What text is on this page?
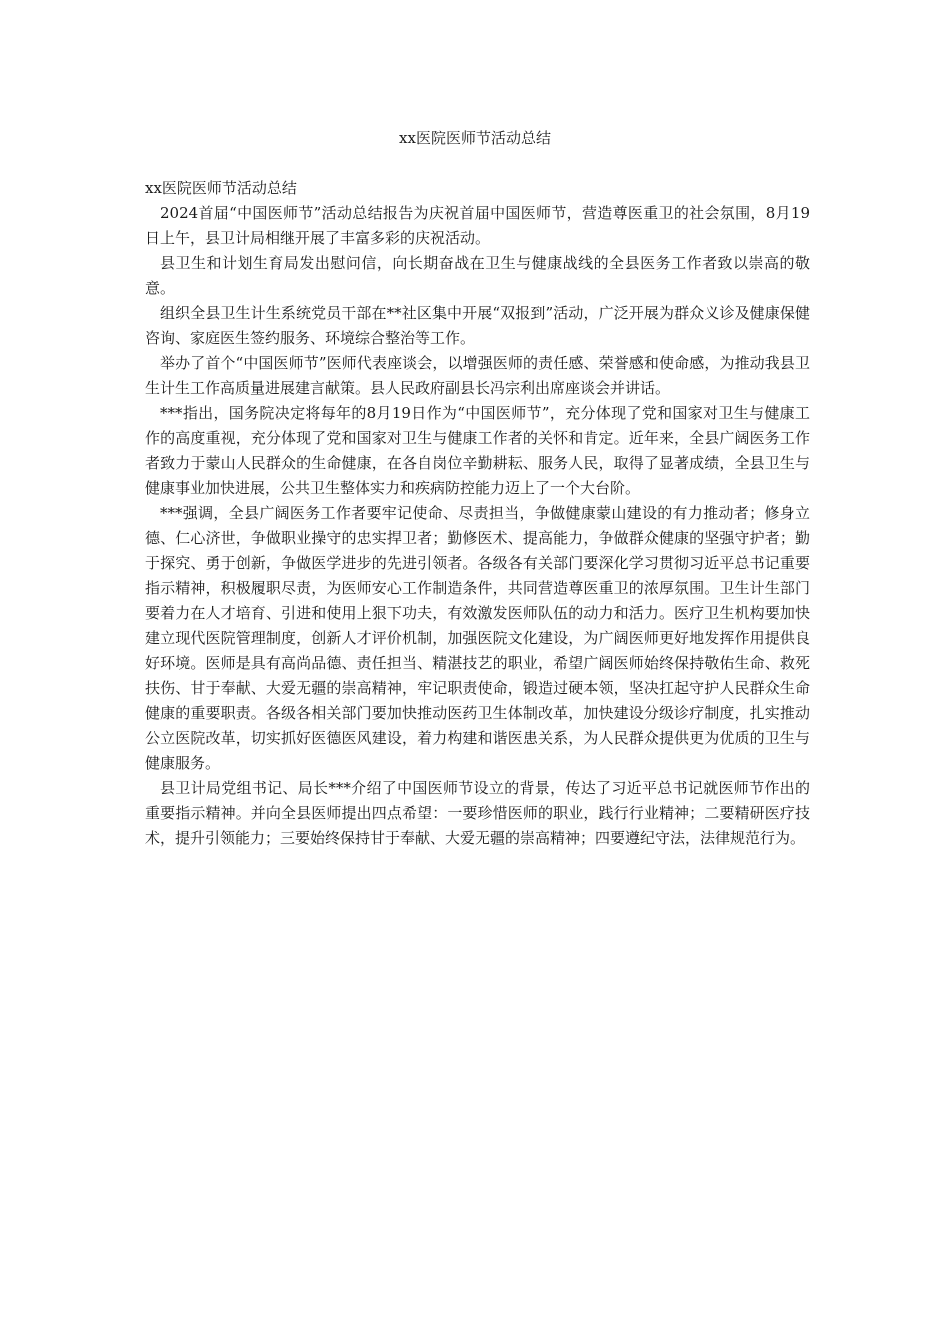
xx医院医师节活动总结

xx医院医师节活动总结

2024首届“中国医师节”活动总结报告为庆祝首届中国医师节，营造尊医重卫的社会氛围，8月19日上午，县卫计局相继开展了丰富多彩的庆祝活动。

县卫生和计划生育局发出慰问信，向长期奋战在卫生与健康战线的全县医务工作者致以崇高的敬意。

组织全县卫生计生系统党员干部在**社区集中开展“双报到”活动，广泛开展为群众义诊及健康保健咨询、家庭医生签约服务、环境综合整治等工作。

举办了首个“中国医师节”医师代表座谈会，以增强医师的责任感、荣誉感和使命感，为推动我县卫生计生工作高质量进展建言献策。县人民政府副县长冯宗利出席座谈会并讲话。

***指出，国务院决定将每年的8月19日作为“中国医师节”，充分体现了党和国家对卫生与健康工作的高度重视，充分体现了党和国家对卫生与健康工作者的关怀和肯定。近年来，全县广阔医务工作者致力于蒙山人民群众的生命健康，在各自岗位辛勤耕耘、服务人民，取得了显著成绩，全县卫生与健康事业加快进展，公共卫生整体实力和疾病防控能力迈上了一个大台阶。

***强调，全县广阔医务工作者要牢记使命、尽责担当，争做健康蒙山建设的有力推动者；修身立德、仁心济世，争做职业操守的忠实捍卫者；勤修医术、提高能力，争做群众健康的坚强守护者；勤于探究、勇于创新，争做医学进步的先进引领者。各级各有关部门要深化学习贯彻习近平总书记重要指示精神，积极履职尽责，为医师安心工作制造条件，共同营造尊医重卫的浓厚氛围。卫生计生部门要着力在人才培育、引进和使用上狠下功夫，有效激发医师队伍的动力和活力。医疗卫生机构要加快建立现代医院管理制度，创新人才评价机制，加强医院文化建设，为广阔医师更好地发挥作用提供良好环境。医师是具有高尚品德、责任担当、精湛技艺的职业，希望广阔医师始终保持敬佑生命、救死扶伤、甘于奉献、大爱无疆的崇高精神，牢记职责使命，锻造过硬本领，坚决扛起守护人民群众生命健康的重要职责。各级各相关部门要加快推动医药卫生体制改革，加快建设分级诊疗制度，扎实推动公立医院改革，切实抓好医德医风建设，着力构建和谐医患关系，为人民群众提供更为优质的卫生与健康服务。

县卫计局党组书记、局长***介绍了中国医师节设立的背景，传达了习近平总书记就医师节作出的重要指示精神。并向全县医师提出四点希望：一要珍惜医师的职业，践行行业精神；二要精研医疗技术，提升引领能力；三要始终保持甘于奉献、大爱无疆的崇高精神；四要遵纪守法，法律规范行为。
